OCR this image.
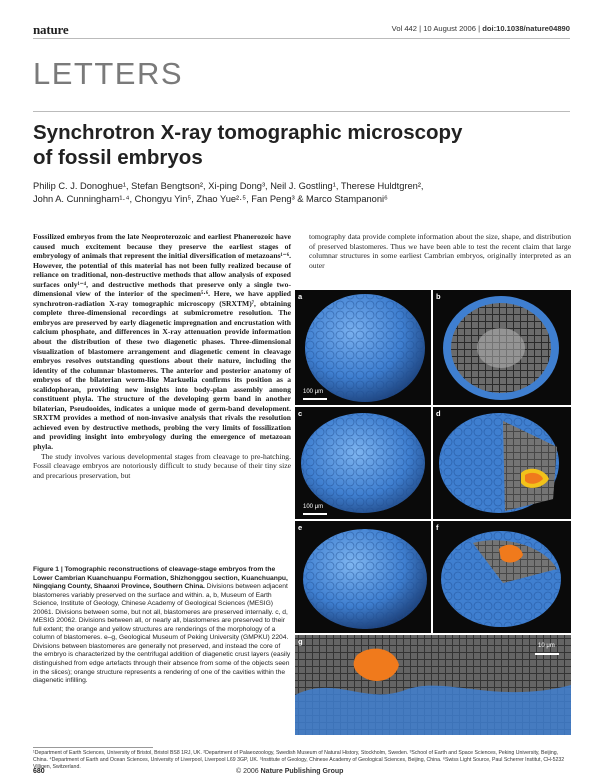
nature	Vol 442 | 10 August 2006 | doi:10.1038/nature04890
LETTERS
Synchrotron X-ray tomographic microscopy
of fossil embryos
Philip C. J. Donoghue¹, Stefan Bengtson², Xi-ping Dong³, Neil J. Gostling¹, Therese Huldtgren²,
John A. Cunningham¹·⁴, Chongyu Yin⁵, Zhao Yue²·⁵, Fan Peng³ & Marco Stampanoni⁶

Fossilized embryos from the late Neoproterozoic and earliest Phanerozoic have caused much excitement because they preserve the earliest stages of embryology of animals that represent the initial diversification of metazoans¹⁻⁶. However, the potential of this material has not been fully realized because of reliance on traditional, non-destructive methods that allow analysis of exposed surfaces only¹⁻⁴, and destructive methods that preserve only a single two-dimensional view of the interior of the specimen⁵·⁶. Here, we have applied synchrotron-radiation X-ray tomographic microscopy (SRXTM)⁷, obtaining complete three-dimensional recordings at submicrometre resolution. The embryos are preserved by early diagenetic impregnation and encrustation with calcium phosphate, and differences in X-ray attenuation provide information about the distribution of these two diagenetic phases. Three-dimensional visualization of blastomere arrangement and diagenetic cement in cleavage embryos resolves outstanding questions about their nature, including the identity of the columnar blastomeres. The anterior and posterior anatomy of embryos of the bilaterian worm-like Markuelia confirms its position as a scalidophoran, providing new insights into body-plan assembly among constituent phyla. The structure of the developing germ band in another bilaterian, Pseudooides, indicates a unique mode of germ-band development. SRXTM provides a method of non-invasive analysis that rivals the resolution achieved even by destructive methods, probing the very limits of fossilization and providing insight into embryology during the emergence of metazoan phyla.

The study involves various developmental stages from cleavage to pre-hatching. Fossil cleavage embryos are notoriously difficult to study because of their tiny size and precarious preservation, but

tomography data provide complete information about the size, shape, and distribution of preserved blastomeres. Thus we have been able to test the recent claim that large columnar structures in some earliest Cambrian embryos, originally interpreted as an outer

a
100 μm
b
c
100 μm
d
e	f
g	10 μm
Figure 1 | Tomographic reconstructions of cleavage-stage embryos from the Lower Cambrian Kuanchuanpu Formation, Shizhonggou section, Kuanchuanpu, Ningqiang County, Shaanxi Province, Southern China. Divisions between adjacent blastomeres variably preserved on the surface and within. a, b, Museum of Earth Science, Institute of Geology, Chinese Academy of Geological Sciences (MESIG) 20061. Divisions between some, but not all, blastomeres are preserved internally. c, d, MESIG 20062. Divisions between all, or nearly all, blastomeres are preserved to their full extent; the orange and yellow structures are renderings of the morphology of a column of blastomeres. e–g, Geological Museum of Peking University (GMPKU) 2204. Divisions between blastomeres are generally not preserved, and instead the core of the embryo is characterized by the centrifugal addition of diagenetic crust layers (easily distinguished from edge artefacts through their absence from some of the objects seen in the slices); orange structure represents a rendering of one of the cavities within the diagenetic infilling.
¹Department of Earth Sciences, University of Bristol, Bristol BS8 1RJ, UK. ²Department of Palaeozoology, Swedish Museum of Natural History, Stockholm, Sweden. ³School of Earth and Space Sciences, Peking University, Beijing, China. ⁴Department of Earth and Ocean Sciences, University of Liverpool, Liverpool L69 3GP, UK. ⁵Institute of Geology, Chinese Academy of Geological Sciences, Beijing, China. ⁶Swiss Light Source, Paul Scherrer Institut, CH-5232 Villigen, Switzerland.
680	© 2006 Nature Publishing Group
